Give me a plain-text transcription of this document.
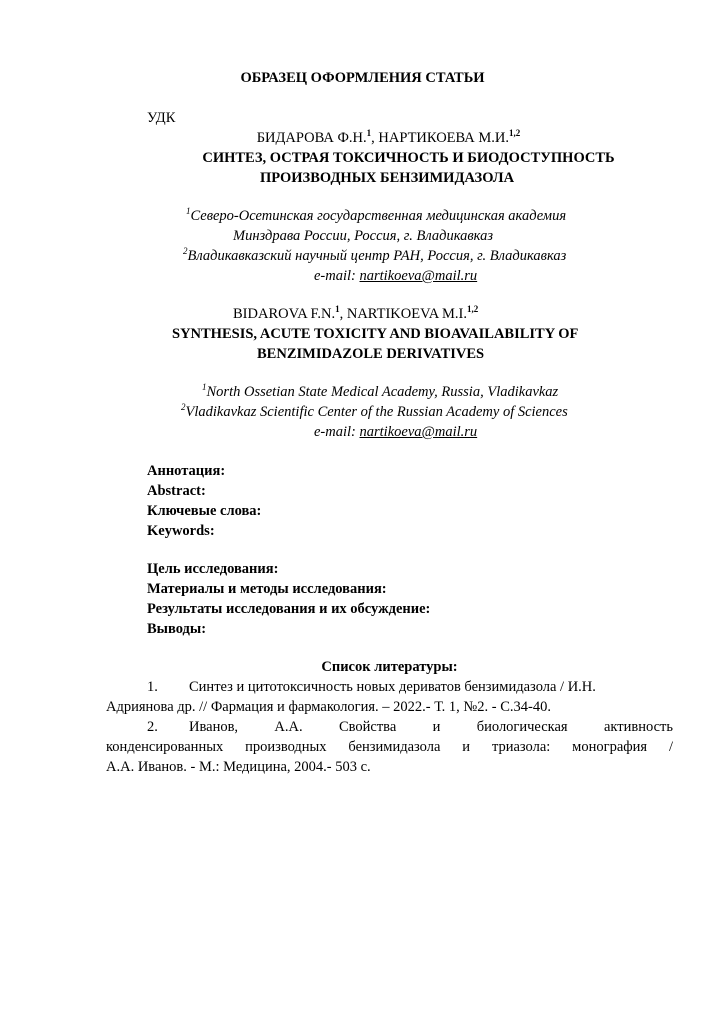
ОБРАЗЕЦ ОФОРМЛЕНИЯ СТАТЬИ
УДК
БИДАРОВА Ф.Н.$^1$, НАРТИКОЕВА М.И.$^{1,2}$
СИНТЕЗ, ОСТРАЯ ТОКСИЧНОСТЬ И БИОДОСТУПНОСТЬ
ПРОИЗВОДНЫХ БЕНЗИМИДАЗОЛА
$^1$Северо-Осетинская государственная медицинская академия
Минздрава России, Россия, г. Владикавказ
$^2$Владикавказский научный центр РАН, Россия, г. Владикавказ
e-mail: nartikoeva@mail.ru
BIDAROVA F.N.$^1$, NARTIKOEVA M.I.$^{1,2}$
SYNTHESIS, ACUTE TOXICITY AND BIOAVAILABILITY OF
BENZIMIDAZOLE DERIVATIVES
$^1$North Ossetian State Medical Academy, Russia, Vladikavkaz
$^2$Vladikavkaz Scientific Center of the Russian Academy of Sciences
e-mail: nartikoeva@mail.ru
Аннотация:
Abstract:
Ключевые слова:
Keywords:
Цель исследования:
Материалы и методы исследования:
Результаты исследования и их обсуждение:
Выводы:
Список литературы:
1. Синтез и цитотоксичность новых дериватов бензимидазола / И.Н.
Адриянова др. // Фармация и фармакология. – 2022.- Т. 1, №2. - С.34-40.
2. Иванов,	А.А.	Свойства	и	биологическая	активность
конденсированных производных бензимидазола и триазола: монография /
А.А. Иванов. - М.: Медицина, 2004.- 503 с.
